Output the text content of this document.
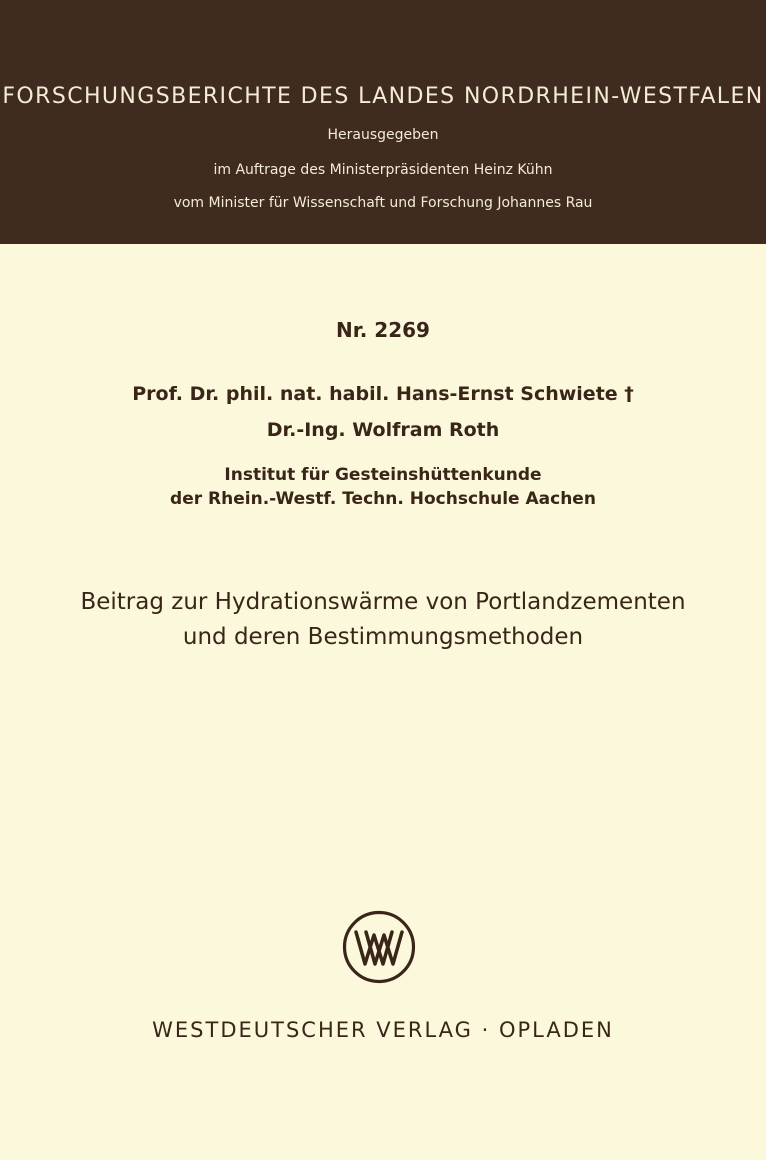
FORSCHUNGSBERICHTE DES LANDES NORDRHEIN-WESTFALEN
Herausgegeben
im Auftrage des Ministerpräsidenten Heinz Kühn
vom Minister für Wissenschaft und Forschung Johannes Rau
Nr. 2269
Prof. Dr. phil. nat. habil. Hans-Ernst Schwiete †
Dr.-Ing. Wolfram Roth
Institut für Gesteinshüttenkunde
der Rhein.-Westf. Techn. Hochschule Aachen
Beitrag zur Hydrationswärme von Portlandzementen
und deren Bestimmungsmethoden
WESTDEUTSCHER VERLAG · OPLADEN
